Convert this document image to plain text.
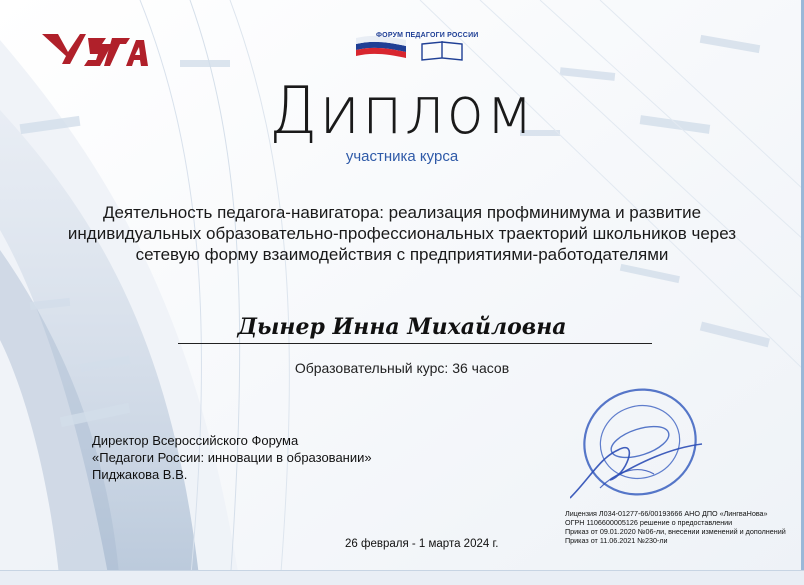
ФОРУМ ПЕДАГОГИ РОССИИ
Диплом
участника курса
Деятельность педагога-навигатора: реализация профминимума и развитие
индивидуальных образовательно-профессиональных траекторий школьников через
сетевую форму взаимодействия с предприятиями-работодателями
Дынер Инна Михайловна
Образовательный курс: 36 часов
Директор Всероссийского Форума
«Педагоги России: инновации в образовании»
Пиджакова В.В.
Лицензия Л034-01277-66/00193666 АНО ДПО «ЛингваНова»
ОГРН 1106600005126 решение о предоставлении
Приказ от 09.01.2020 №06-ли, внесении изменений и дополнений
Приказ от 11.06.2021 №230-ли
26 февраля - 1 марта 2024 г.
